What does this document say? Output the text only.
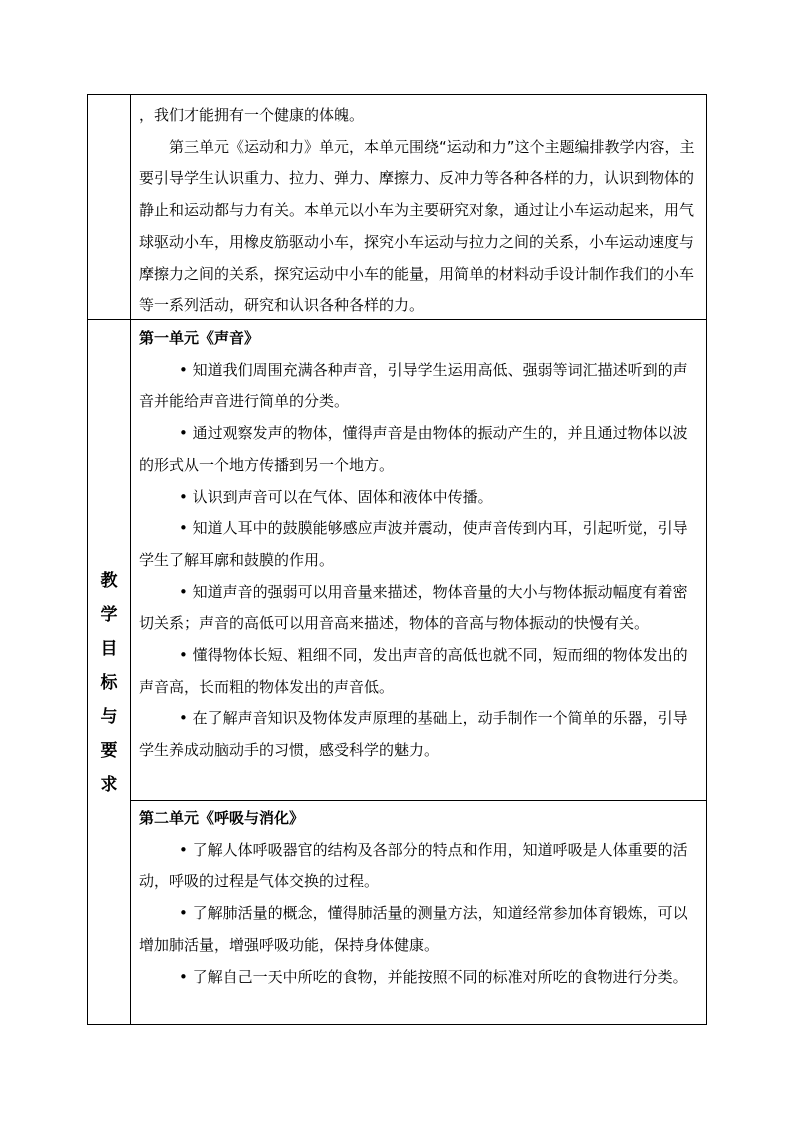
教
学
目
标
与
要
求

，我们才能拥有一个健康的体魄。

第三单元《运动和力》单元，本单元围绕“运动和力”这个主题编排教学内容，主要引导学生认识重力、拉力、弹力、摩擦力、反冲力等各种各样的力，认识到物体的静止和运动都与力有关。本单元以小车为主要研究对象，通过让小车运动起来，用气球驱动小车，用橡皮筋驱动小车，探究小车运动与拉力之间的关系，小车运动速度与摩擦力之间的关系，探究运动中小车的能量，用简单的材料动手设计制作我们的小车等一系列活动，研究和认识各种各样的力。

第一单元《声音》

• 知道我们周围充满各种声音，引导学生运用高低、强弱等词汇描述听到的声音并能给声音进行简单的分类。

• 通过观察发声的物体，懂得声音是由物体的振动产生的，并且通过物体以波的形式从一个地方传播到另一个地方。

• 认识到声音可以在气体、固体和液体中传播。

• 知道人耳中的鼓膜能够感应声波并震动，使声音传到内耳，引起听觉，引导学生了解耳廓和鼓膜的作用。

• 知道声音的强弱可以用音量来描述，物体音量的大小与物体振动幅度有着密切关系；声音的高低可以用音高来描述，物体的音高与物体振动的快慢有关。

• 懂得物体长短、粗细不同，发出声音的高低也就不同，短而细的物体发出的声音高，长而粗的物体发出的声音低。

• 在了解声音知识及物体发声原理的基础上，动手制作一个简单的乐器，引导学生养成动脑动手的习惯，感受科学的魅力。

第二单元《呼吸与消化》

• 了解人体呼吸器官的结构及各部分的特点和作用，知道呼吸是人体重要的活动，呼吸的过程是气体交换的过程。

• 了解肺活量的概念，懂得肺活量的测量方法，知道经常参加体育锻炼，可以增加肺活量，增强呼吸功能，保持身体健康。

• 了解自己一天中所吃的食物，并能按照不同的标准对所吃的食物进行分类。
